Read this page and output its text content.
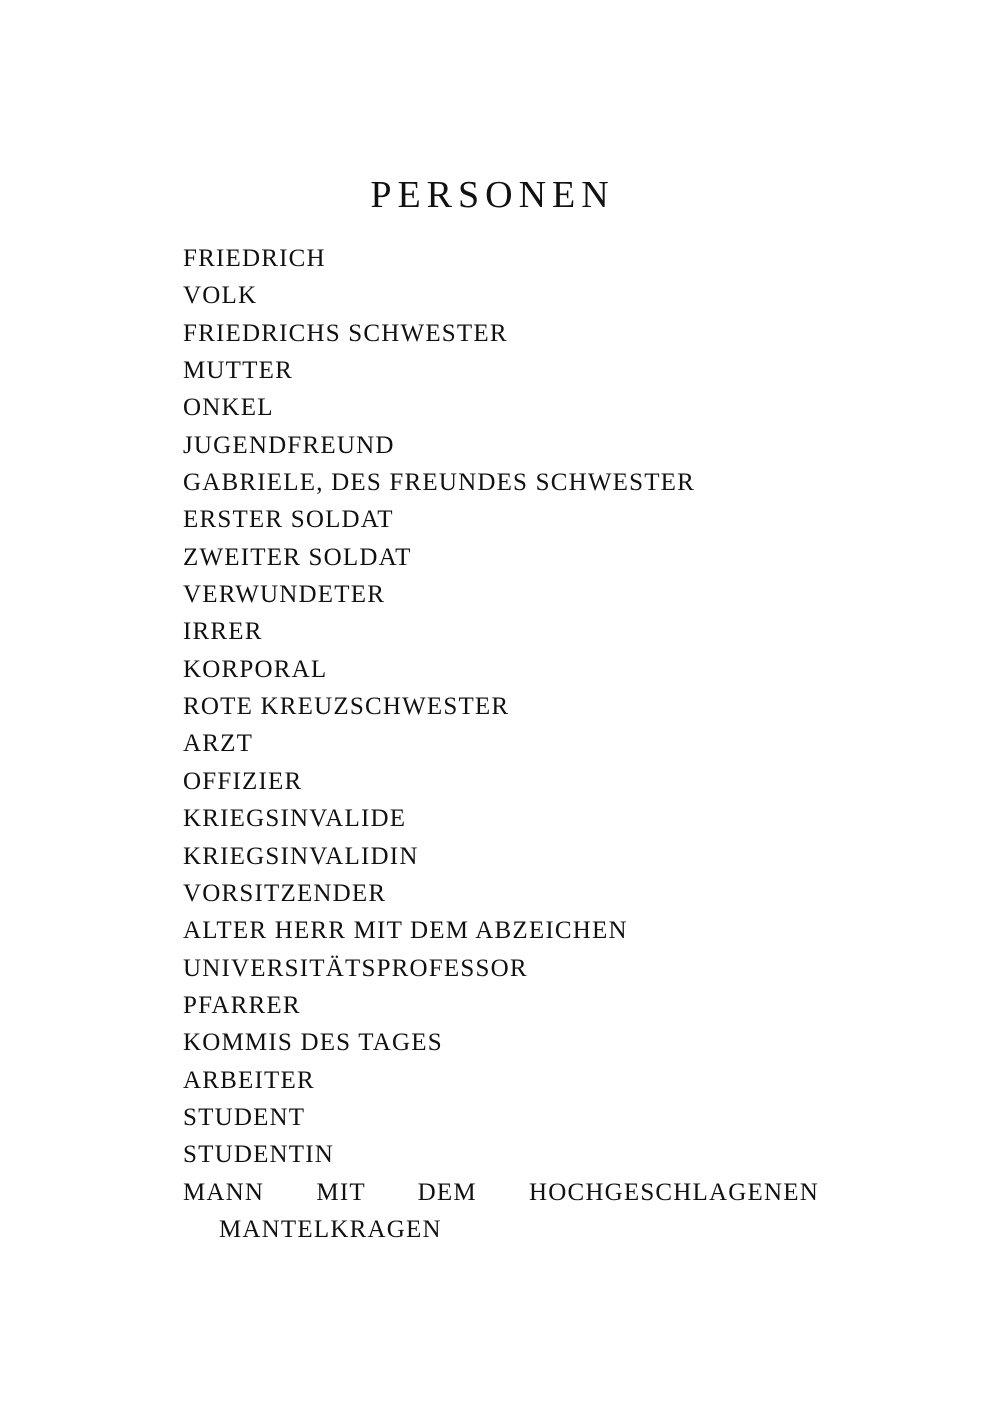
PERSONEN
FRIEDRICH
VOLK
FRIEDRICHS SCHWESTER
MUTTER
ONKEL
JUGENDFREUND
GABRIELE, DES FREUNDES SCHWESTER
ERSTER SOLDAT
ZWEITER SOLDAT
VERWUNDETER
IRRER
KORPORAL
ROTE KREUZSCHWESTER
ARZT
OFFIZIER
KRIEGSINVALIDE
KRIEGSINVALIDIN
VORSITZENDER
ALTER HERR MIT DEM ABZEICHEN
UNIVERSITÄTSPROFESSOR
PFARRER
KOMMIS DES TAGES
ARBEITER
STUDENT
STUDENTIN
MANN MIT DEM HOCHGESCHLAGENEN
MANTELKRAGEN
